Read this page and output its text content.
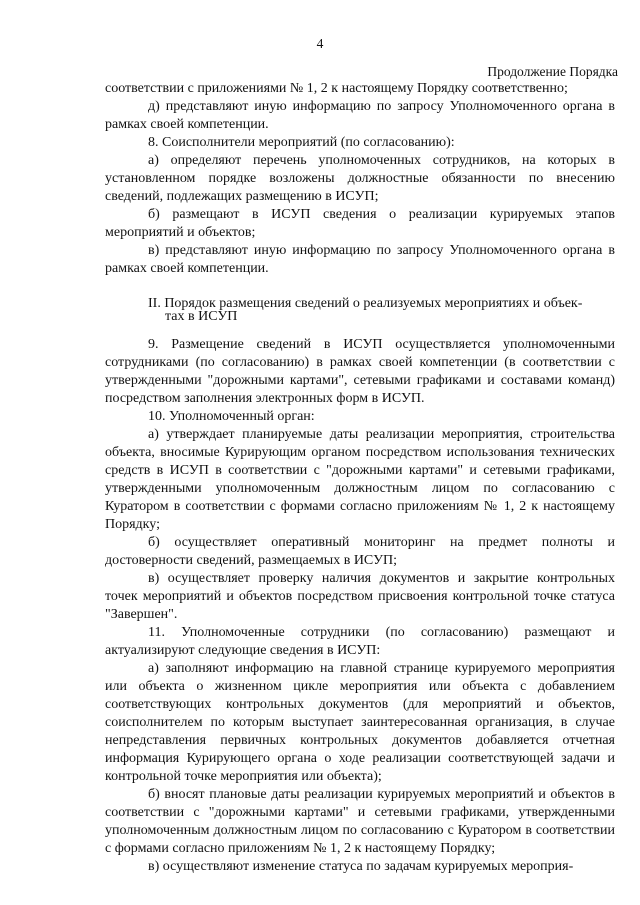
4
Продолжение Порядка

соответствии с приложениями № 1, 2 к настоящему Порядку соответственно;

д) представляют иную информацию по запросу Уполномоченного органа в рамках своей компетенции.

8. Соисполнители мероприятий (по согласованию):

а) определяют перечень уполномоченных сотрудников, на которых в установленном порядке возложены должностные обязанности по внесению сведений, подлежащих размещению в ИСУП;

б) размещают в ИСУП сведения о реализации курируемых этапов мероприятий и объектов;

в) представляют иную информацию по запросу Уполномоченного органа в рамках своей компетенции.

II. Порядок размещения сведений о реализуемых мероприятиях и объек-
тах в ИСУП

9. Размещение сведений в ИСУП осуществляется уполномоченными сотрудниками (по согласованию) в рамках своей компетенции (в соответствии с утвержденными "дорожными картами", сетевыми графиками и составами команд) посредством заполнения электронных форм в ИСУП.

10. Уполномоченный орган:

а) утверждает планируемые даты реализации мероприятия, строительства объекта, вносимые Курирующим органом посредством использования технических средств в ИСУП в соответствии с "дорожными картами" и сетевыми графиками, утвержденными уполномоченным должностным лицом по согласованию с Куратором в соответствии с формами согласно приложениям № 1, 2 к настоящему Порядку;

б) осуществляет оперативный мониторинг на предмет полноты и достоверности сведений, размещаемых в ИСУП;

в) осуществляет проверку наличия документов и закрытие контрольных точек мероприятий и объектов посредством присвоения контрольной точке статуса "Завершен".

11. Уполномоченные сотрудники (по согласованию) размещают и актуализируют следующие сведения в ИСУП:

а) заполняют информацию на главной странице курируемого мероприятия или объекта о жизненном цикле мероприятия или объекта с добавлением соответствующих контрольных документов (для мероприятий и объектов, соисполнителем по которым выступает заинтересованная организация, в случае непредставления первичных контрольных документов добавляется отчетная информация Курирующего органа о ходе реализации соответствующей задачи и контрольной точке мероприятия или объекта);

б) вносят плановые даты реализации курируемых мероприятий и объектов в соответствии с "дорожными картами" и сетевыми графиками, утвержденными уполномоченным должностным лицом по согласованию с Куратором в соответствии с формами согласно приложениям № 1, 2 к настоящему Порядку;

в) осуществляют изменение статуса по задачам курируемых мероприя-
